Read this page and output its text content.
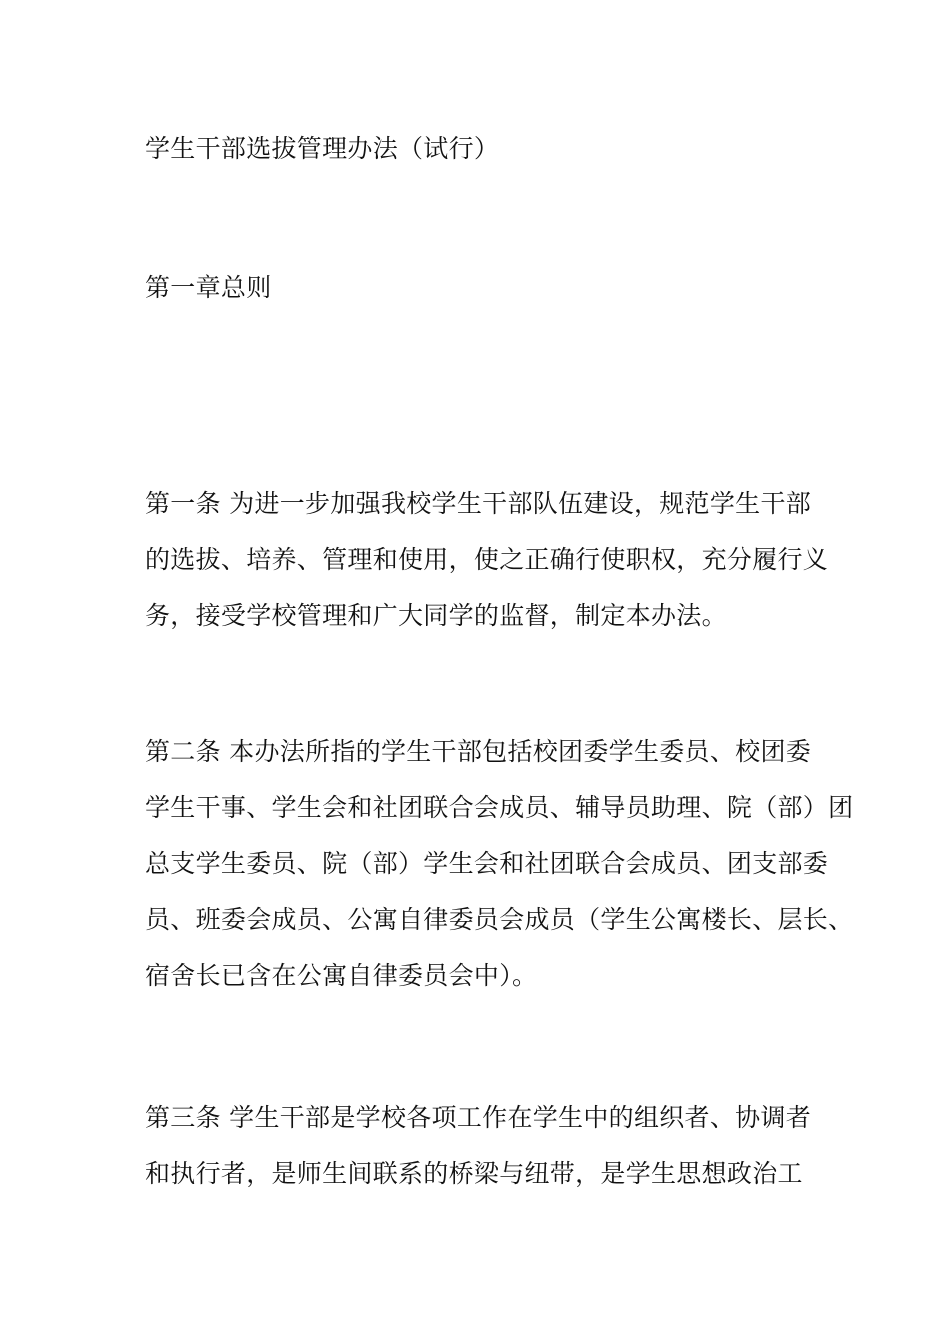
学生干部选拔管理办法（试行）

第一章总则

第一条 为进一步加强我校学生干部队伍建设，规范学生干部
的选拔、培养、管理和使用，使之正确行使职权，充分履行义
务，接受学校管理和广大同学的监督，制定本办法。
第二条 本办法所指的学生干部包括校团委学生委员、校团委
学生干事、学生会和社团联合会成员、辅导员助理、院（部）团
总支学生委员、院（部）学生会和社团联合会成员、团支部委
员、班委会成员、公寓自律委员会成员（学生公寓楼长、层长、
宿舍长已含在公寓自律委员会中）。
第三条 学生干部是学校各项工作在学生中的组织者、协调者
和执行者，是师生间联系的桥梁与纽带，是学生思想政治工
